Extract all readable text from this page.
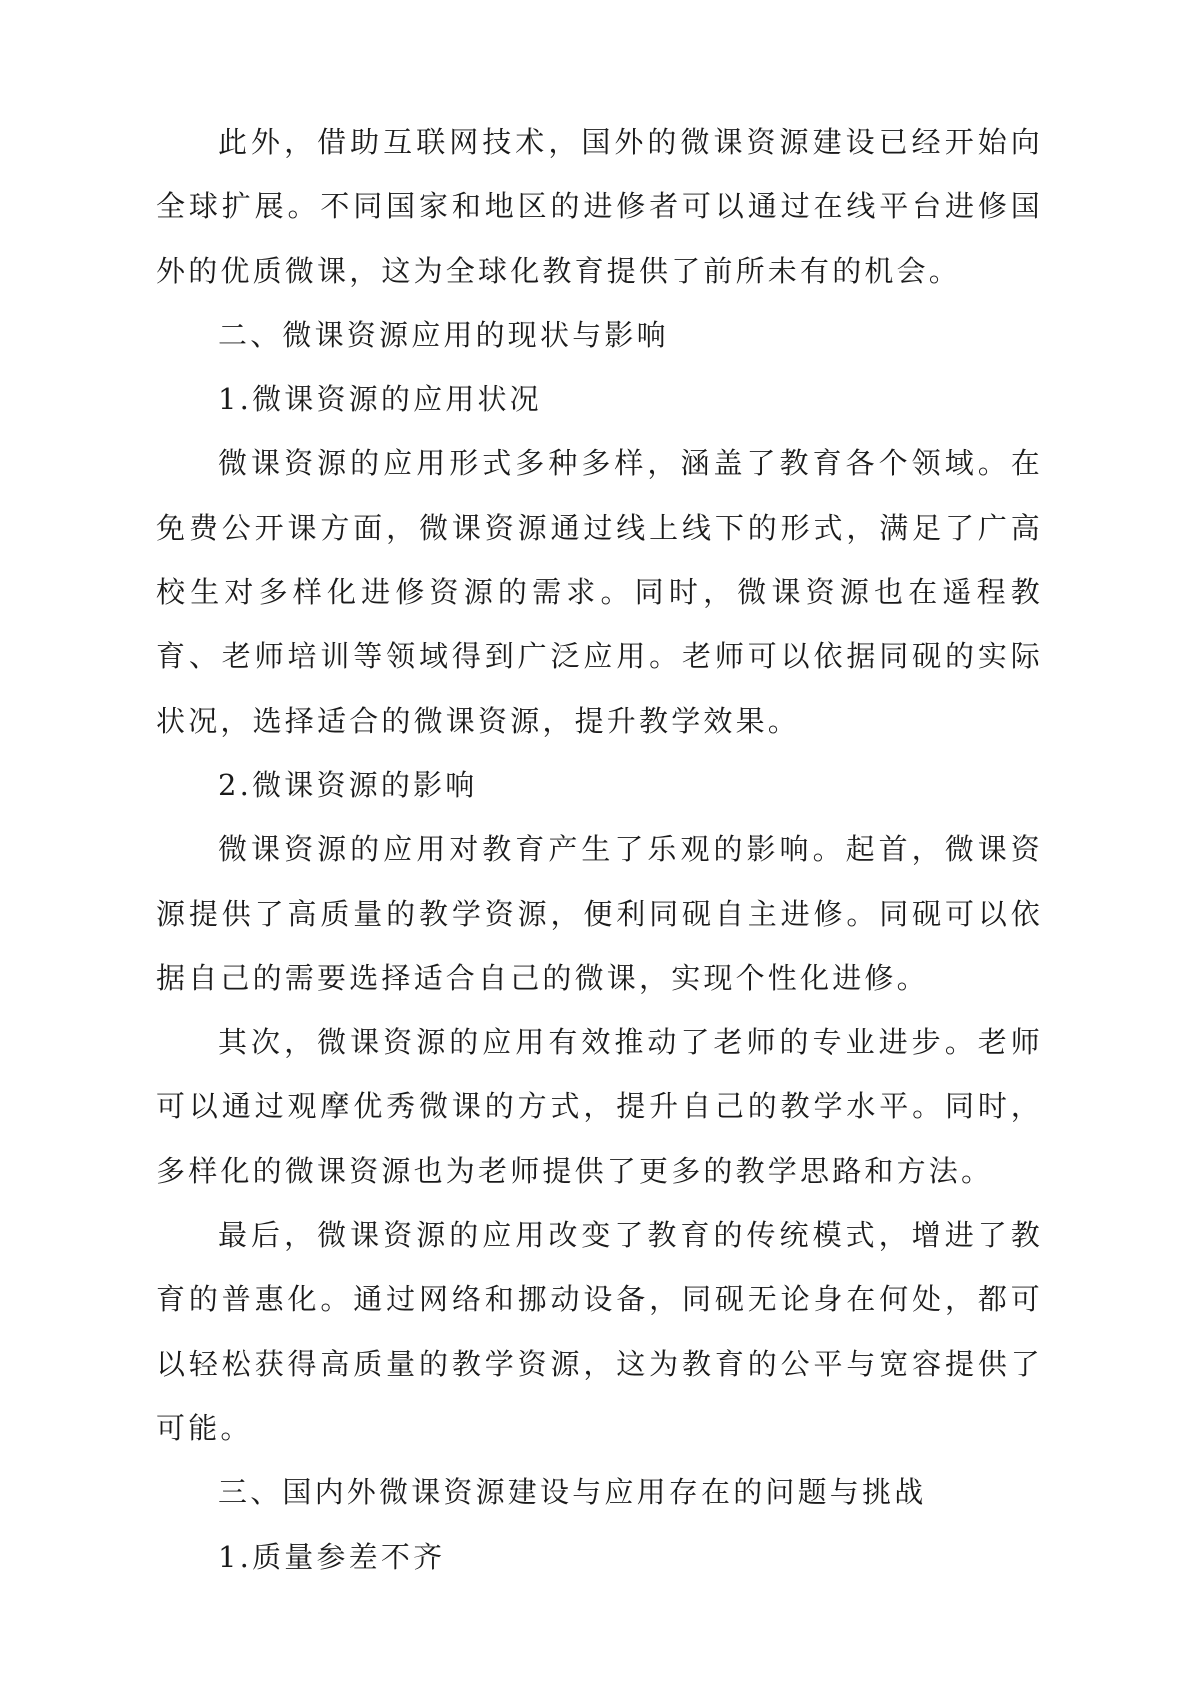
此外，借助互联网技术，国外的微课资源建设已经开始向全球扩展。不同国家和地区的进修者可以通过在线平台进修国外的优质微课，这为全球化教育提供了前所未有的机会。

二、微课资源应用的现状与影响

1.微课资源的应用状况

微课资源的应用形式多种多样，涵盖了教育各个领域。在免费公开课方面，微课资源通过线上线下的形式，满足了广高校生对多样化进修资源的需求。同时，微课资源也在遥程教育、老师培训等领域得到广泛应用。老师可以依据同砚的实际状况，选择适合的微课资源，提升教学效果。

2.微课资源的影响

微课资源的应用对教育产生了乐观的影响。起首，微课资源提供了高质量的教学资源，便利同砚自主进修。同砚可以依据自己的需要选择适合自己的微课，实现个性化进修。

其次，微课资源的应用有效推动了老师的专业进步。老师可以通过观摩优秀微课的方式，提升自己的教学水平。同时，多样化的微课资源也为老师提供了更多的教学思路和方法。

最后，微课资源的应用改变了教育的传统模式，增进了教育的普惠化。通过网络和挪动设备，同砚无论身在何处，都可以轻松获得高质量的教学资源，这为教育的公平与宽容提供了可能。

三、国内外微课资源建设与应用存在的问题与挑战

1.质量参差不齐
